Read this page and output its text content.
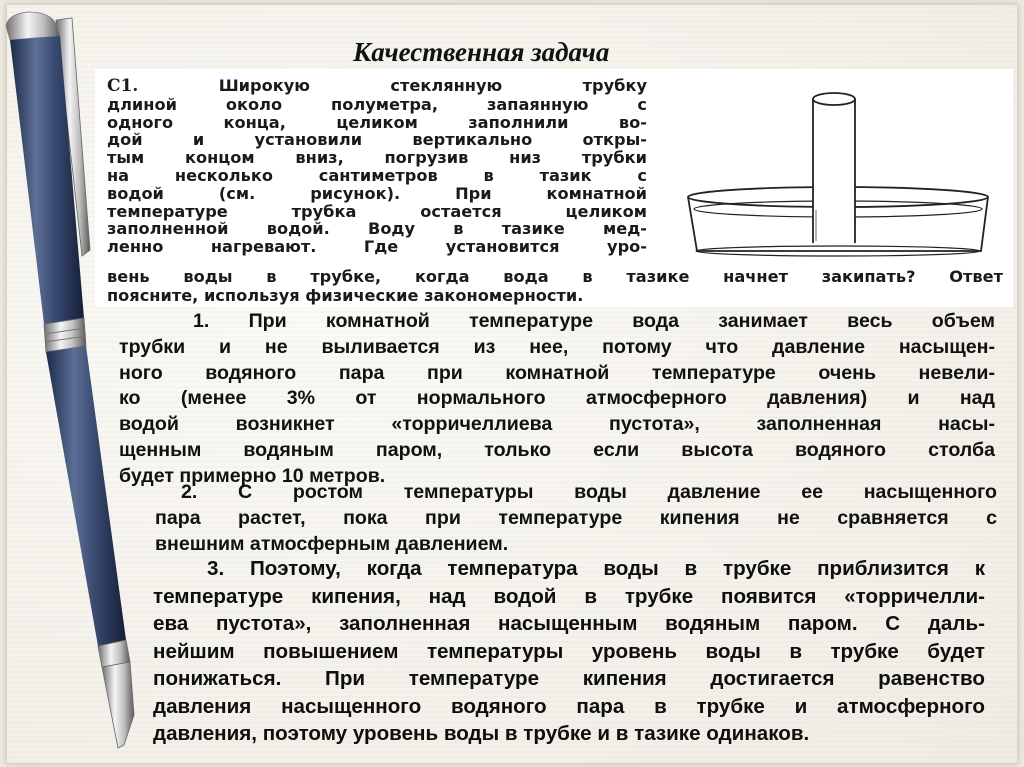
Качественная задача
С1.	Широкую стеклянную трубку
длиной около полуметра, запаянную с
одного конца, целиком заполнили во-
дой и установили вертикально откры-
тым концом вниз, погрузив низ трубки
на несколько сантиметров в тазик с
водой (см. рисунок). При комнатной
температуре трубка остается целиком
заполненной водой. Воду в тазике мед-
ленно нагревают. Где установится уро-
вень воды в трубке, когда вода в тазике начнет закипать? Ответ
поясните, используя физические закономерности.
1. При комнатной температуре вода занимает весь объем
трубки и не выливается из нее, потому что давление насыщен-
ного водяного пара при комнатной температуре очень невели-
ко (менее 3% от нормального атмосферного давления) и над
водой возникнет «торричеллиева пустота», заполненная насы-
щенным водяным паром, только если высота водяного столба
будет примерно 10 метров.
2. С ростом температуры воды давление ее насыщенного
пара растет, пока при температуре кипения не сравняется с
внешним атмосферным давлением.
3. Поэтому, когда температура воды в трубке приблизится к
температуре кипения, над водой в трубке появится «торричелли-
ева пустота», заполненная насыщенным водяным паром. С даль-
нейшим повышением температуры уровень воды в трубке будет
понижаться. При температуре кипения достигается равенство
давления насыщенного водяного пара в трубке и атмосферного
давления, поэтому уровень воды в трубке и в тазике одинаков.
